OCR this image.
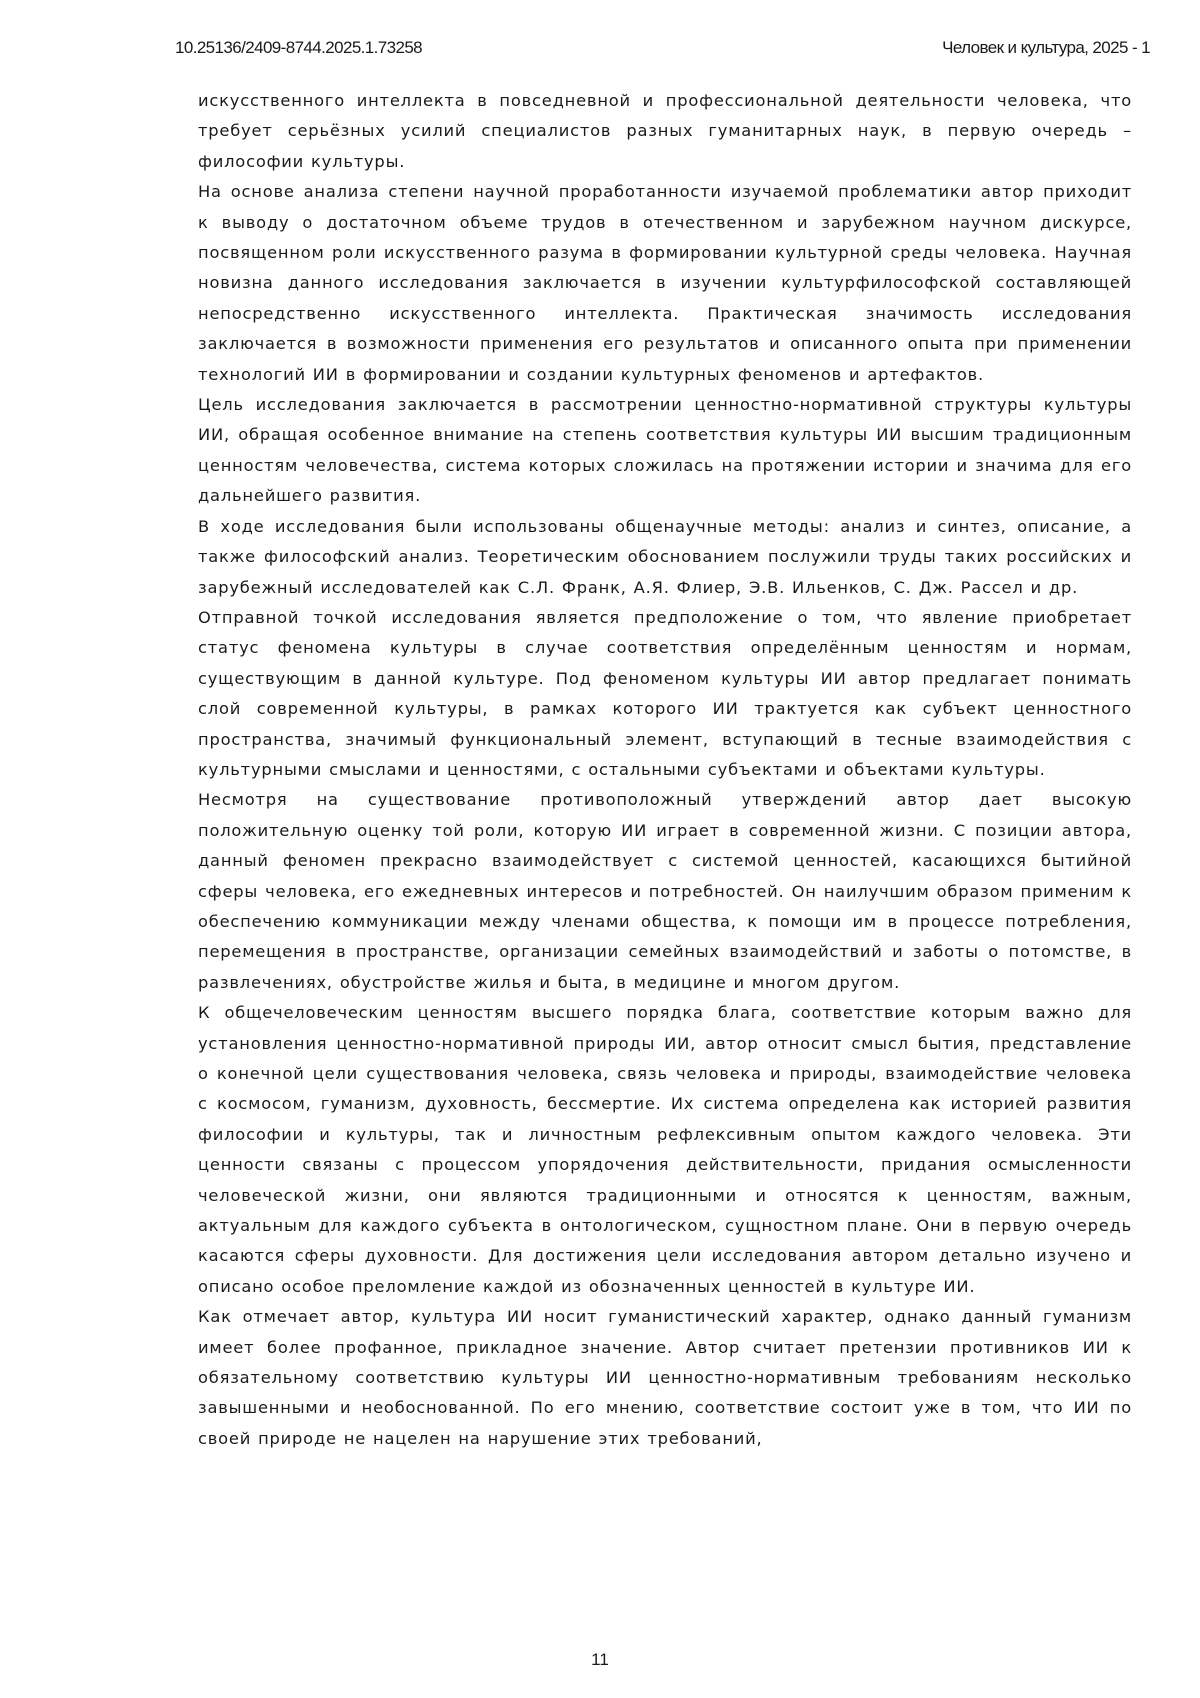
10.25136/2409-8744.2025.1.73258	Человек и культура, 2025 - 1

искусственного интеллекта в повседневной и профессиональной деятельности человека, что требует серьёзных усилий специалистов разных гуманитарных наук, в первую очередь – философии культуры.

На основе анализа степени научной проработанности изучаемой проблематики автор приходит к выводу о достаточном объеме трудов в отечественном и зарубежном научном дискурсе, посвященном роли искусственного разума в формировании культурной среды человека. Научная новизна данного исследования заключается в изучении культурфилософской составляющей непосредственно искусственного интеллекта. Практическая значимость исследования заключается в возможности применения его результатов и описанного опыта при применении технологий ИИ в формировании и создании культурных феноменов и артефактов.

Цель исследования заключается в рассмотрении ценностно-нормативной структуры культуры ИИ, обращая особенное внимание на степень соответствия культуры ИИ высшим традиционным ценностям человечества, система которых сложилась на протяжении истории и значима для его дальнейшего развития.

В ходе исследования были использованы общенаучные методы: анализ и синтез, описание, а также философский анализ. Теоретическим обоснованием послужили труды таких российских и зарубежный исследователей как С.Л. Франк, А.Я. Флиер, Э.В. Ильенков, С. Дж. Рассел и др.

Отправной точкой исследования является предположение о том, что явление приобретает статус феномена культуры в случае соответствия определённым ценностям и нормам, существующим в данной культуре. Под феноменом культуры ИИ автор предлагает понимать слой современной культуры, в рамках которого ИИ трактуется как субъект ценностного пространства, значимый функциональный элемент, вступающий в тесные взаимодействия с культурными смыслами и ценностями, с остальными субъектами и объектами культуры.

Несмотря на существование противоположный утверждений автор дает высокую положительную оценку той роли, которую ИИ играет в современной жизни. С позиции автора, данный феномен прекрасно взаимодействует с системой ценностей, касающихся бытийной сферы человека, его ежедневных интересов и потребностей. Он наилучшим образом применим к обеспечению коммуникации между членами общества, к помощи им в процессе потребления, перемещения в пространстве, организации семейных взаимодействий и заботы о потомстве, в развлечениях, обустройстве жилья и быта, в медицине и многом другом.

К общечеловеческим ценностям высшего порядка блага, соответствие которым важно для установления ценностно-нормативной природы ИИ, автор относит смысл бытия, представление о конечной цели существования человека, связь человека и природы, взаимодействие человека с космосом, гуманизм, духовность, бессмертие. Их система определена как историей развития философии и культуры, так и личностным рефлексивным опытом каждого человека. Эти ценности связаны с процессом упорядочения действительности, придания осмысленности человеческой жизни, они являются традиционными и относятся к ценностям, важным, актуальным для каждого субъекта в онтологическом, сущностном плане. Они в первую очередь касаются сферы духовности. Для достижения цели исследования автором детально изучено и описано особое преломление каждой из обозначенных ценностей в культуре ИИ.

Как отмечает автор, культура ИИ носит гуманистический характер, однако данный гуманизм имеет более профанное, прикладное значение. Автор считает претензии противников ИИ к обязательному соответствию культуры ИИ ценностно-нормативным требованиям несколько завышенными и необоснованной. По его мнению, соответствие состоит уже в том, что ИИ по своей природе не нацелен на нарушение этих требований,

11
